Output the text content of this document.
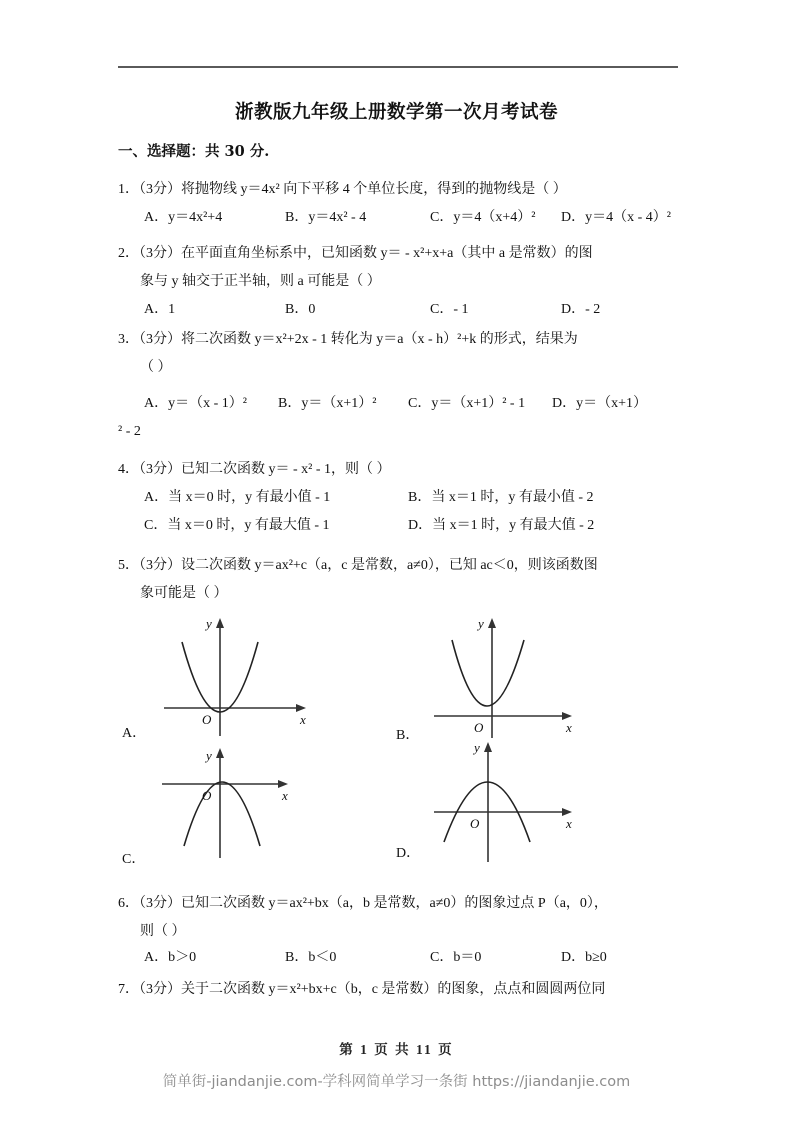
浙教版九年级上册数学第一次月考试卷
一、选择题：共 30 分.
1．（3分）将抛物线 y＝4x² 向下平移 4 个单位长度，得到的抛物线是（ ）
A．y＝4x²+4	B．y＝4x² - 4	C．y＝4（x+4）² D．y＝4（x - 4）²
2．（3分）在平面直角坐标系中，已知函数 y＝ - x²+x+a（其中 a 是常数）的图
象与 y 轴交于正半轴，则 a 可能是（ ）
A．1	B．0	C．- 1	D．- 2
3．（3分）将二次函数 y＝x²+2x - 1 转化为 y＝a（x - h）²+k 的形式，结果为
（ ）
A．y＝（x - 1）² B．y＝（x+1）² C．y＝（x+1）² - 1 D．y＝（x+1）
² - 2
4．（3分）已知二次函数 y＝ - x² - 1，则（ ）
A．当 x＝0 时，y 有最小值 - 1	B．当 x＝1 时，y 有最小值 - 2
C．当 x＝0 时，y 有最大值 - 1	D．当 x＝1 时，y 有最大值 - 2
5．（3分）设二次函数 y＝ax²+c（a，c 是常数，a≠0），已知 ac＜0，则该函数图
象可能是（ ）
O	x
y
A．	O	x
y
B．
O	x
y
C．
O	x
y
D．
6．（3分）已知二次函数 y＝ax²+bx（a，b 是常数，a≠0）的图象过点 P（a，0），
则（ ）
A．b＞0	B．b＜0	C．b＝0	D．b≥0
7．（3分）关于二次函数 y＝x²+bx+c（b，c 是常数）的图象，点点和圆圆两位同
第 1 页 共 11 页
简单街-jiandanjie.com-学科网简单学习一条街 https://jiandanjie.com
